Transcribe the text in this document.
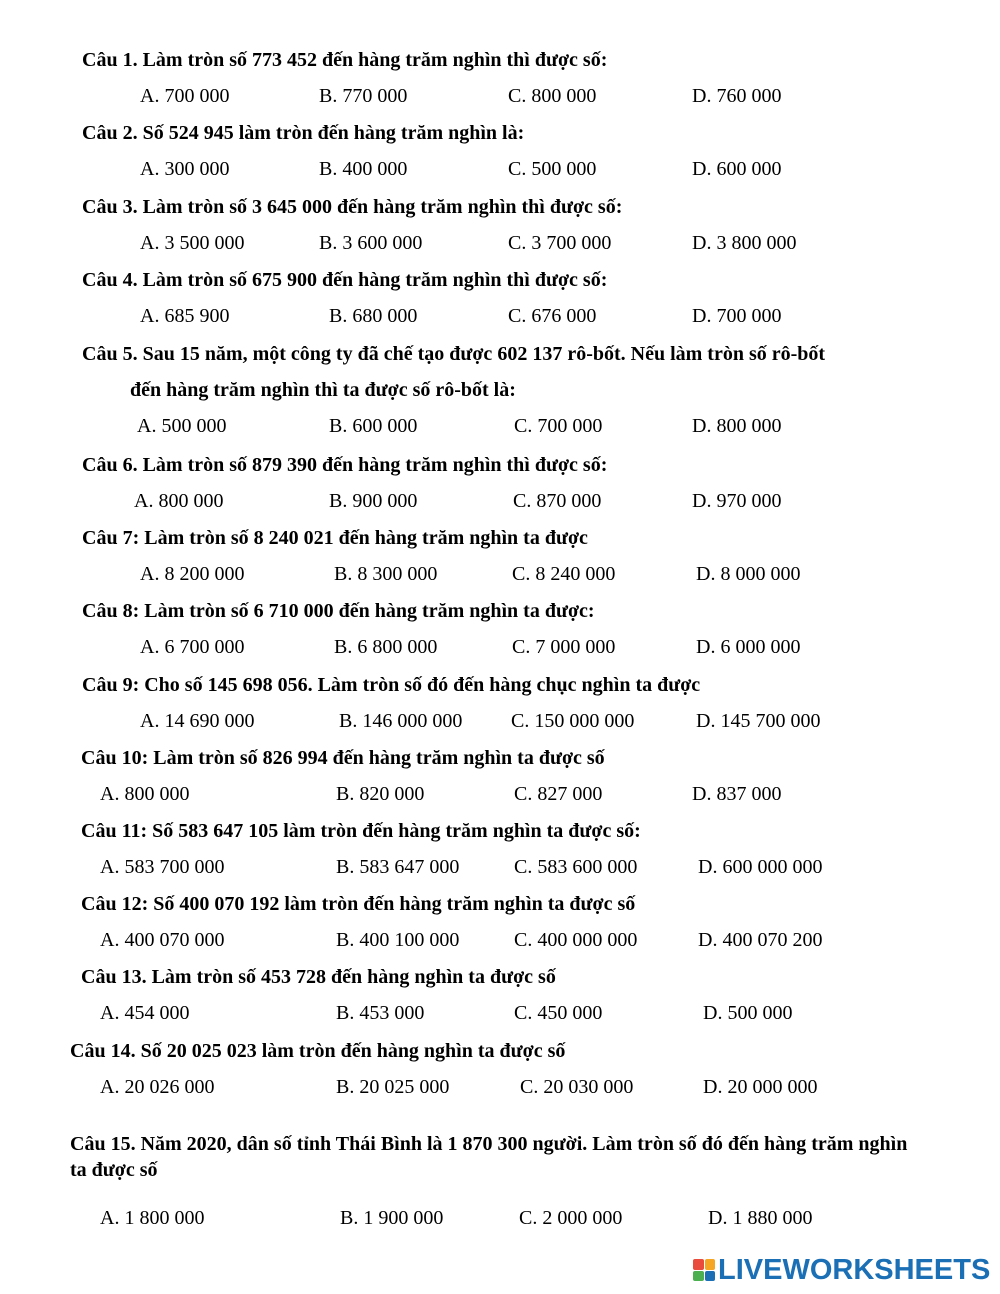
Câu 1. Làm tròn số 773 452 đến hàng trăm nghìn thì được số:
A. 700 000	B. 770 000	C. 800 000	D. 760 000
Câu 2. Số 524 945 làm tròn đến hàng trăm nghìn là:
A. 300 000	B. 400 000	C. 500 000	D. 600 000
Câu 3. Làm tròn số 3 645 000 đến hàng trăm nghìn thì được số:
A. 3 500 000	B. 3 600 000	C. 3 700 000	D. 3 800 000
Câu 4. Làm tròn số 675 900 đến hàng trăm nghìn thì được số:
A. 685 900	B. 680 000	C. 676 000	D. 700 000
Câu 5. Sau 15 năm, một công ty đã chế tạo được 602 137 rô-bốt. Nếu làm tròn số rô-bốt
đến hàng trăm nghìn thì ta được số rô-bốt là:
A. 500 000	B. 600 000	C. 700 000	D. 800 000
Câu 6. Làm tròn số 879 390 đến hàng trăm nghìn thì được số:
A. 800 000	B. 900 000	C. 870 000	D. 970 000
Câu 7: Làm tròn số 8 240 021 đến hàng trăm nghìn ta được
A. 8 200 000	B. 8 300 000	C. 8 240 000	D. 8 000 000
Câu 8: Làm tròn số 6 710 000 đến hàng trăm nghìn ta được:
A. 6 700 000	B. 6 800 000	C. 7 000 000	D. 6 000 000
Câu 9: Cho số 145 698 056. Làm tròn số đó đến hàng chục nghìn ta được
A. 14 690 000	B. 146 000 000 C. 150 000 000	D. 145 700 000
Câu 10: Làm tròn số 826 994 đến hàng trăm nghìn ta được số
A. 800 000	B. 820 000	C. 827 000	D. 837 000
Câu 11: Số 583 647 105 làm tròn đến hàng trăm nghìn ta được số:
A. 583 700 000	B. 583 647 000	C. 583 600 000	D. 600 000 000
Câu 12: Số 400 070 192 làm tròn đến hàng trăm nghìn ta được số
A. 400 070 000	B. 400 100 000	C. 400 000 000	D. 400 070 200
Câu 13. Làm tròn số 453 728 đến hàng nghìn ta được số
A. 454 000	B. 453 000	C. 450 000	D. 500 000
Câu 14. Số 20 025 023 làm tròn đến hàng nghìn ta được số
A. 20 026 000	B. 20 025 000	C. 20 030 000	D. 20 000 000
Câu 15. Năm 2020, dân số tỉnh Thái Bình là 1 870 300 người. Làm tròn số đó đến hàng trăm nghìn ta được số
A. 1 800 000	B. 1 900 000	C. 2 000 000	D. 1 880 000
LIVEWORKSHEETS
